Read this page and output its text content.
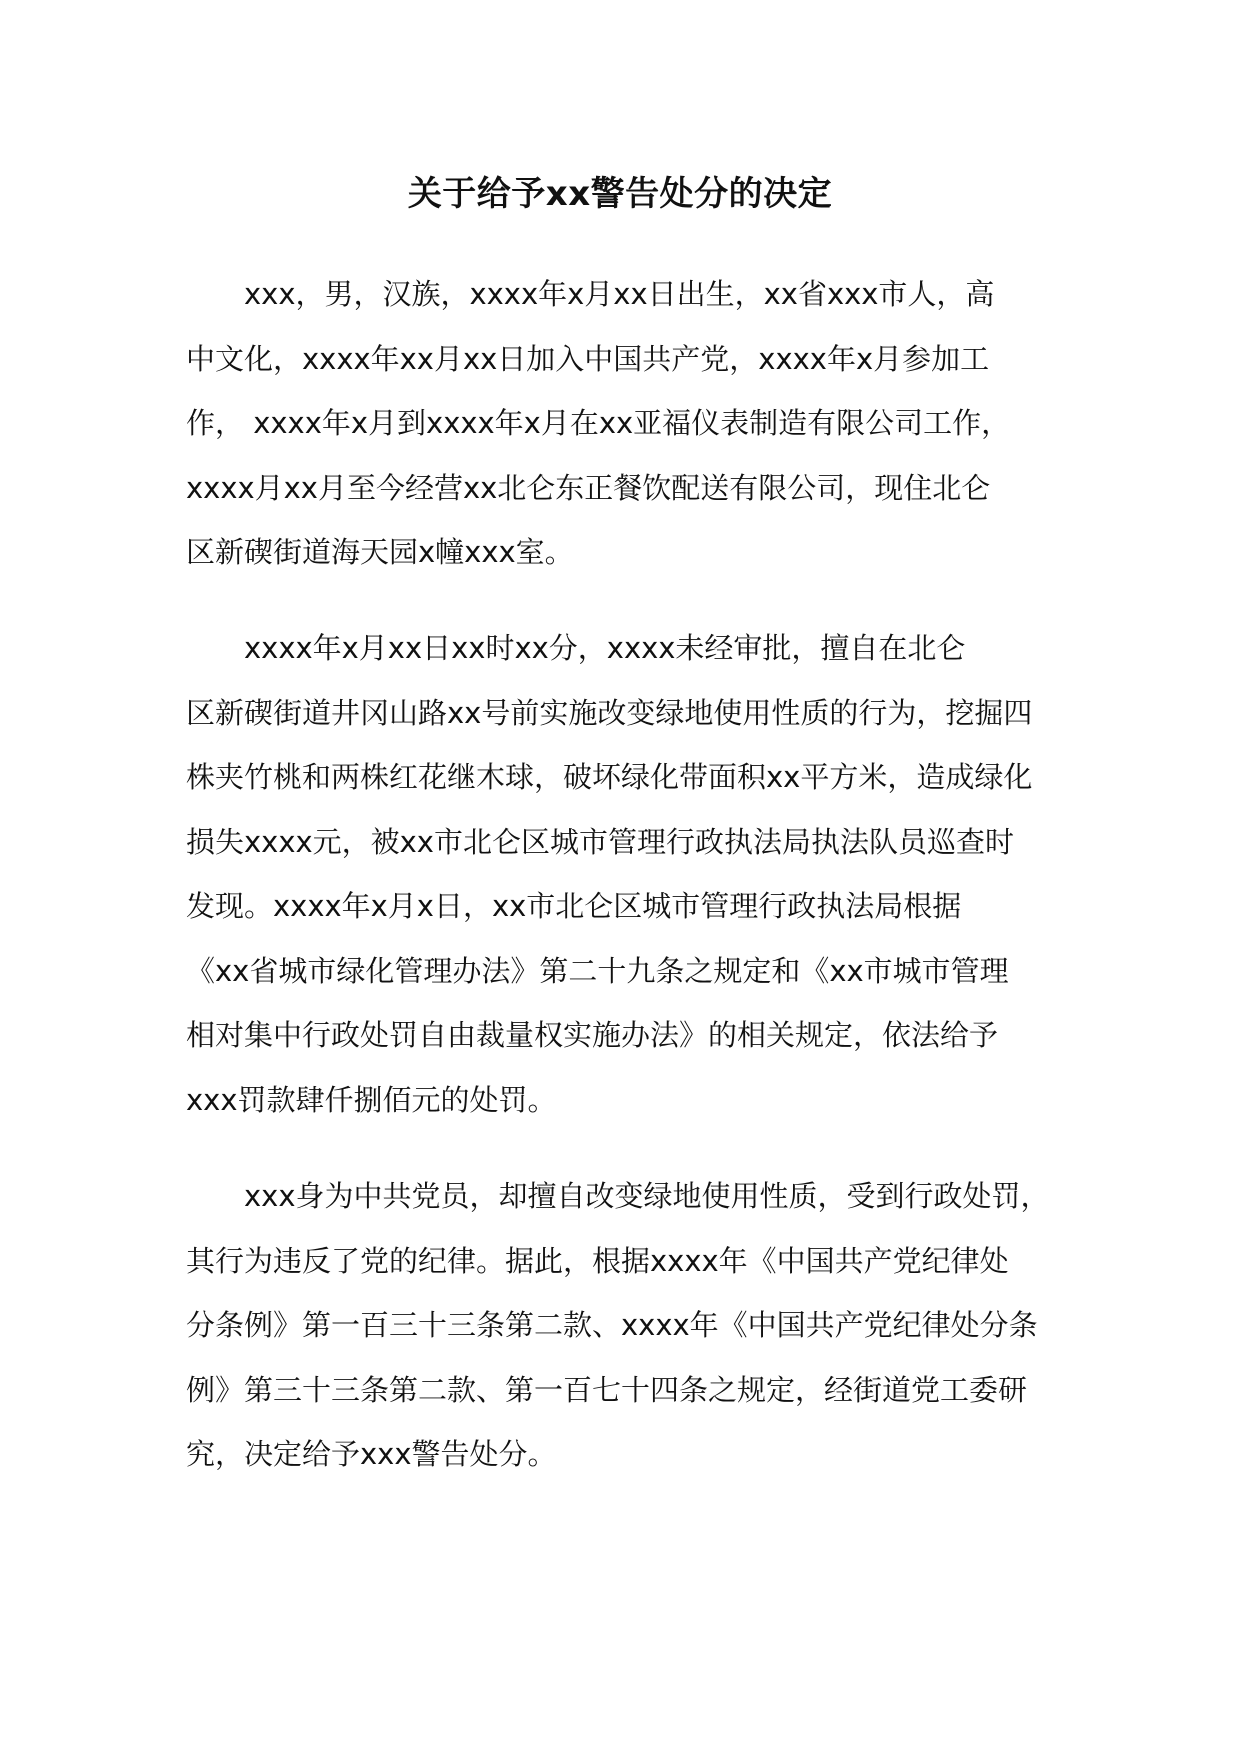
关于给予xx警告处分的决定
xxx，男，汉族，xxxx年x月xx日出生，xx省xxx市人，高
中文化，xxxx年xx月xx日加入中国共产党，xxxx年x月参加工
作， xxxx年x月到xxxx年x月在xx亚福仪表制造有限公司工作，
xxxx月xx月至今经营xx北仑东正餐饮配送有限公司，现住北仑
区新碶街道海天园x幢xxx室。
xxxx年x月xx日xx时xx分，xxxx未经审批，擅自在北仑
区新碶街道井冈山路xx号前实施改变绿地使用性质的行为，挖掘四
株夹竹桃和两株红花继木球，破坏绿化带面积xx平方米，造成绿化
损失xxxx元，被xx市北仑区城市管理行政执法局执法队员巡查时
发现。xxxx年x月x日，xx市北仑区城市管理行政执法局根据
《xx省城市绿化管理办法》第二十九条之规定和《xx市城市管理
相对集中行政处罚自由裁量权实施办法》的相关规定，依法给予
xxx罚款肆仟捌佰元的处罚。
xxx身为中共党员，却擅自改变绿地使用性质，受到行政处罚，
其行为违反了党的纪律。据此，根据xxxx年《中国共产党纪律处
分条例》第一百三十三条第二款、xxxx年《中国共产党纪律处分条
例》第三十三条第二款、第一百七十四条之规定，经街道党工委研
究，决定给予xxx警告处分。
